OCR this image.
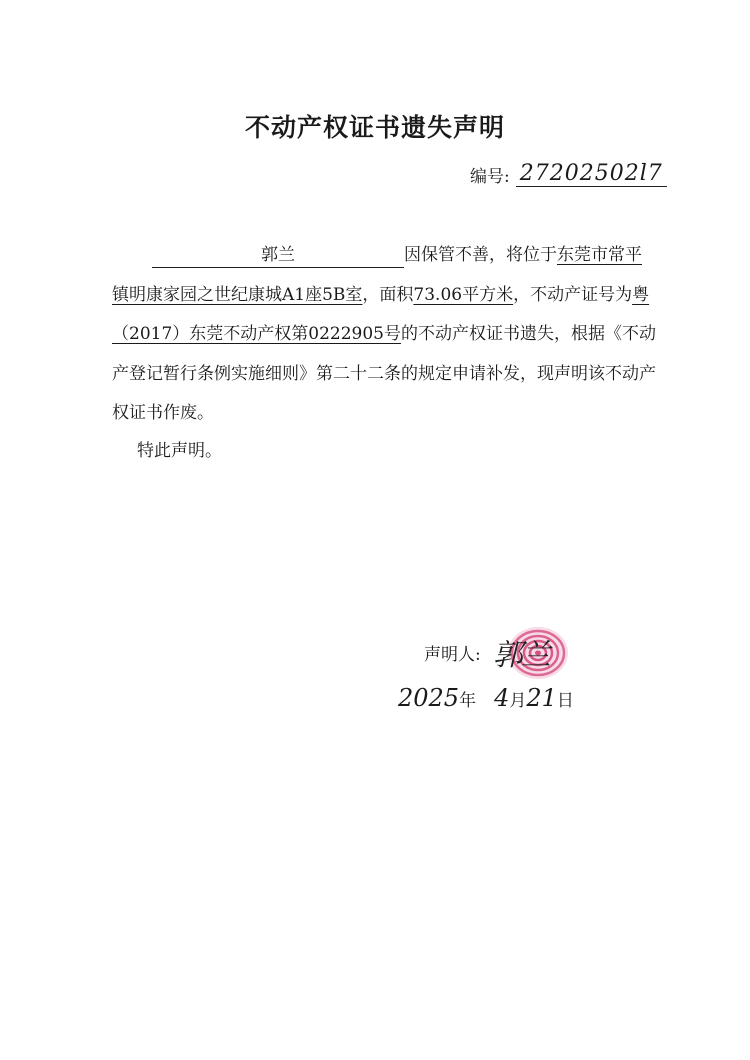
不动产权证书遗失声明
编号: 27202502l7

郭兰	因保管不善，将位于东莞市常平镇明康家园之世纪康城A1座5B室，面积73.06平方米，不动产证号为粤（2017）东莞不动产权第0222905号的不动产权证书遗失，根据《不动产登记暂行条例实施细则》第二十二条的规定申请补发，现声明该不动产权证书作废。

特此声明。
声明人: 郭兰
2025 年 4 月 21 日
